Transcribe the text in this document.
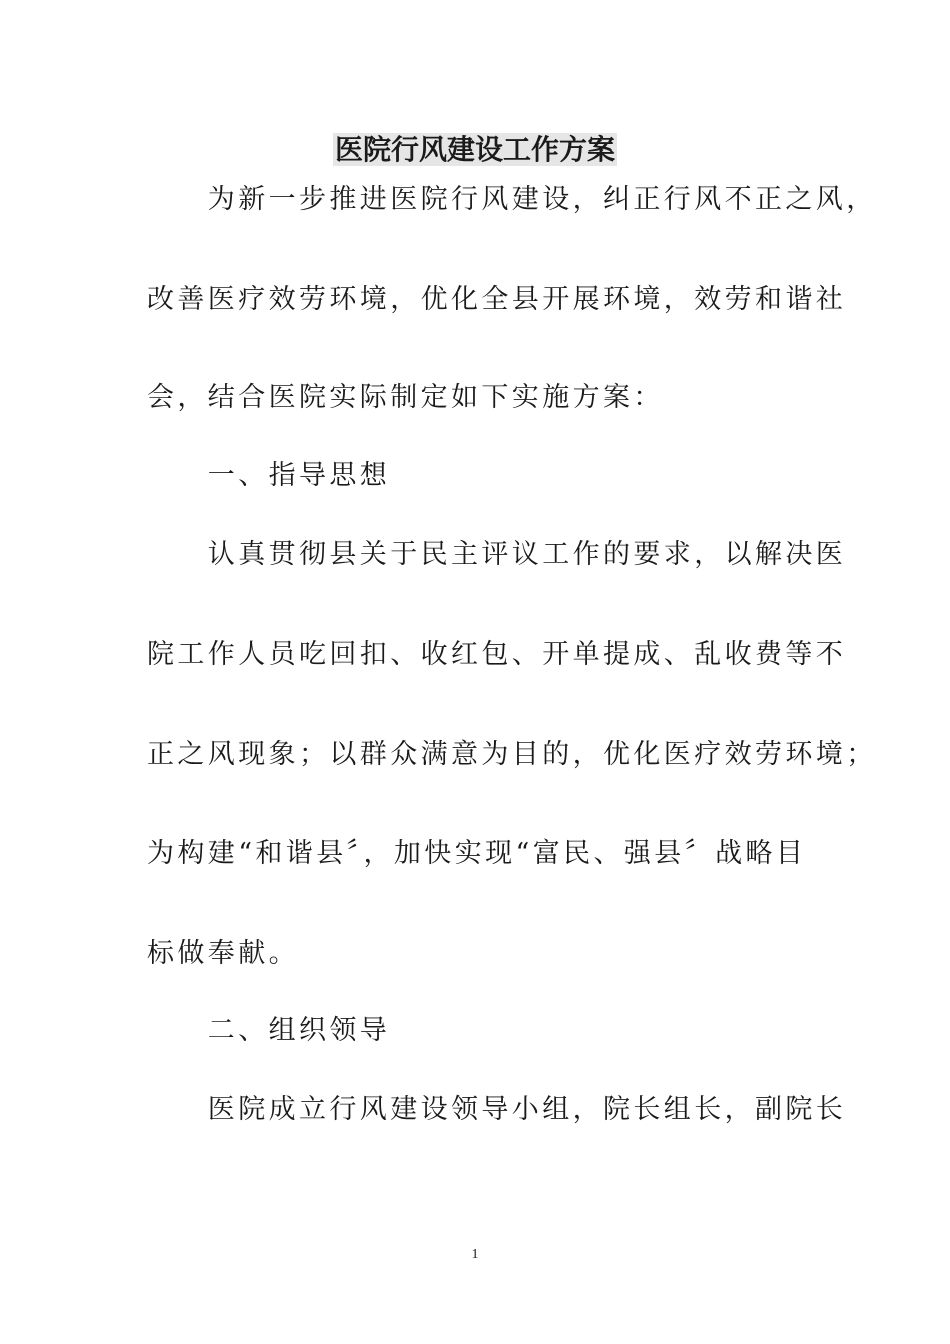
医院行风建设工作方案
　　为新一步推进医院行风建设，纠正行风不正之风，
改善医疗效劳环境，优化全县开展环境，效劳和谐社
会，结合医院实际制定如下实施方案：
　　一、指导思想
　　认真贯彻县关于民主评议工作的要求，以解决医
院工作人员吃回扣、收红包、开单提成、乱收费等不
正之风现象；以群众满意为目的，优化医疗效劳环境；
为构建“和谐县〞，加快实现“富民、强县〞战略目
标做奉献。
　　二、组织领导
　　医院成立行风建设领导小组，院长组长，副院长
1
